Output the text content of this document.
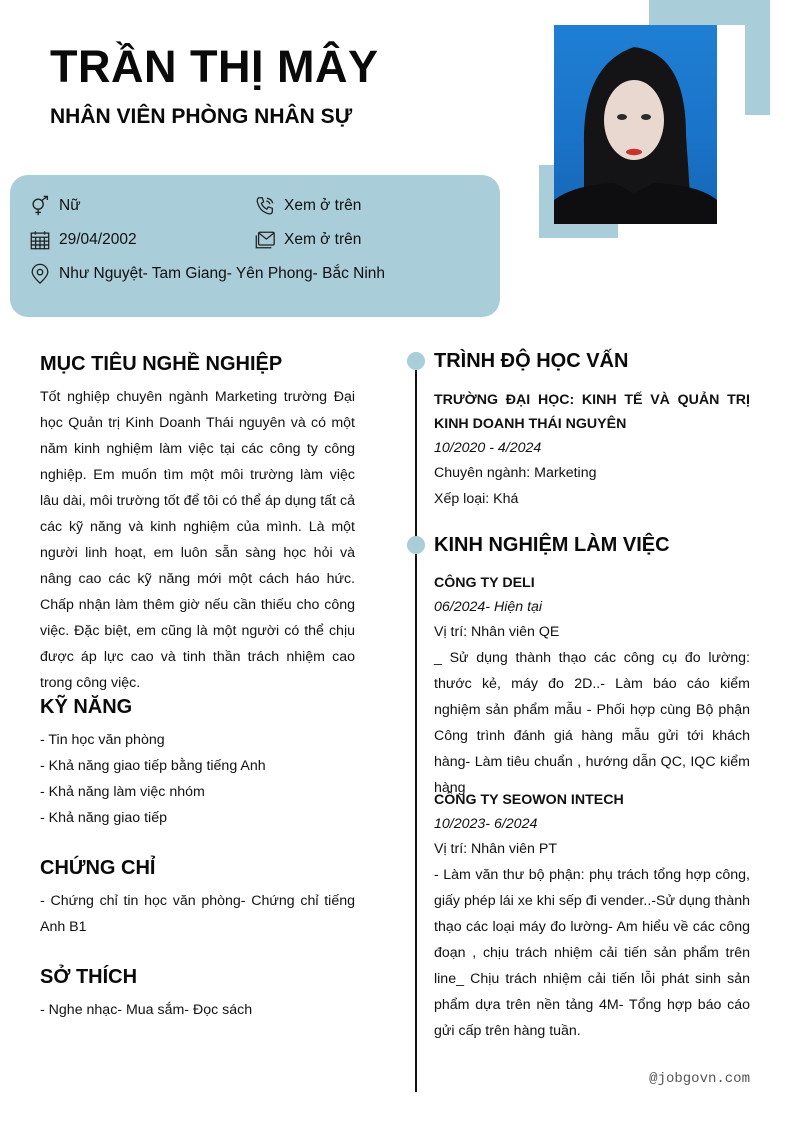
TRẦN THỊ MÂY
NHÂN VIÊN PHÒNG NHÂN SỰ
Nữ	Xem ở trên
29/04/2002	Xem ở trên
Như Nguyệt- Tam Giang- Yên Phong- Bắc Ninh
MỤC TIÊU NGHỀ NGHIỆP
Tốt nghiệp chuyên ngành Marketing trường Đại học Quản trị Kinh Doanh Thái nguyên và có một năm kinh nghiệm làm việc tại các công ty công nghiệp. Em muốn tìm một môi trường làm việc lâu dài, môi trường tốt để tôi có thể áp dụng tất cả các kỹ năng và kinh nghiệm của mình. Là một người linh hoạt, em luôn sẵn sàng học hỏi và nâng cao các kỹ năng mới một cách háo hức. Chấp nhận làm thêm giờ nếu cần thiếu cho công việc. Đặc biệt, em cũng là một người có thể chịu được áp lực cao và tinh thần trách nhiệm cao trong công việc.
KỸ NĂNG
- Tin học văn phòng
- Khả năng giao tiếp bằng tiếng Anh
- Khả năng làm việc nhóm
- Khả năng giao tiếp
CHỨNG CHỈ
- Chứng chỉ tin học văn phòng- Chứng chỉ tiếng Anh B1
SỞ THÍCH
- Nghe nhạc- Mua sắm- Đọc sách
TRÌNH ĐỘ HỌC VẤN
TRƯỜNG ĐẠI HỌC: KINH TẾ VÀ QUẢN TRỊ KINH DOANH THÁI NGUYÊN
10/2020 - 4/2024
Chuyên ngành: Marketing
Xếp loại: Khá
KINH NGHIỆM LÀM VIỆC
CÔNG TY DELI
06/2024- Hiện tại
Vị trí: Nhân viên QE
_ Sử dụng thành thạo các công cụ đo lường: thước kẻ, máy đo 2D..- Làm báo cáo kiểm nghiệm sản phẩm mẫu - Phối hợp cùng Bộ phận Công trình đánh giá hàng mẫu gửi tới khách hàng- Làm tiêu chuẩn , hướng dẫn QC, IQC kiểm hàng
CÔNG TY SEOWON INTECH
10/2023- 6/2024
Vị trí: Nhân viên PT
- Làm văn thư bộ phận: phụ trách tổng hợp công, giấy phép lái xe khi sếp đi vender..-Sử dụng thành thạo các loại máy đo lường- Am hiểu về các công đoạn , chịu trách nhiệm cải tiến sản phẩm trên line_ Chịu trách nhiệm cải tiến lỗi phát sinh sản phẩm dựa trên nền tảng 4M- Tổng hợp báo cáo gửi cấp trên hàng tuần.
@jobgovn.com
